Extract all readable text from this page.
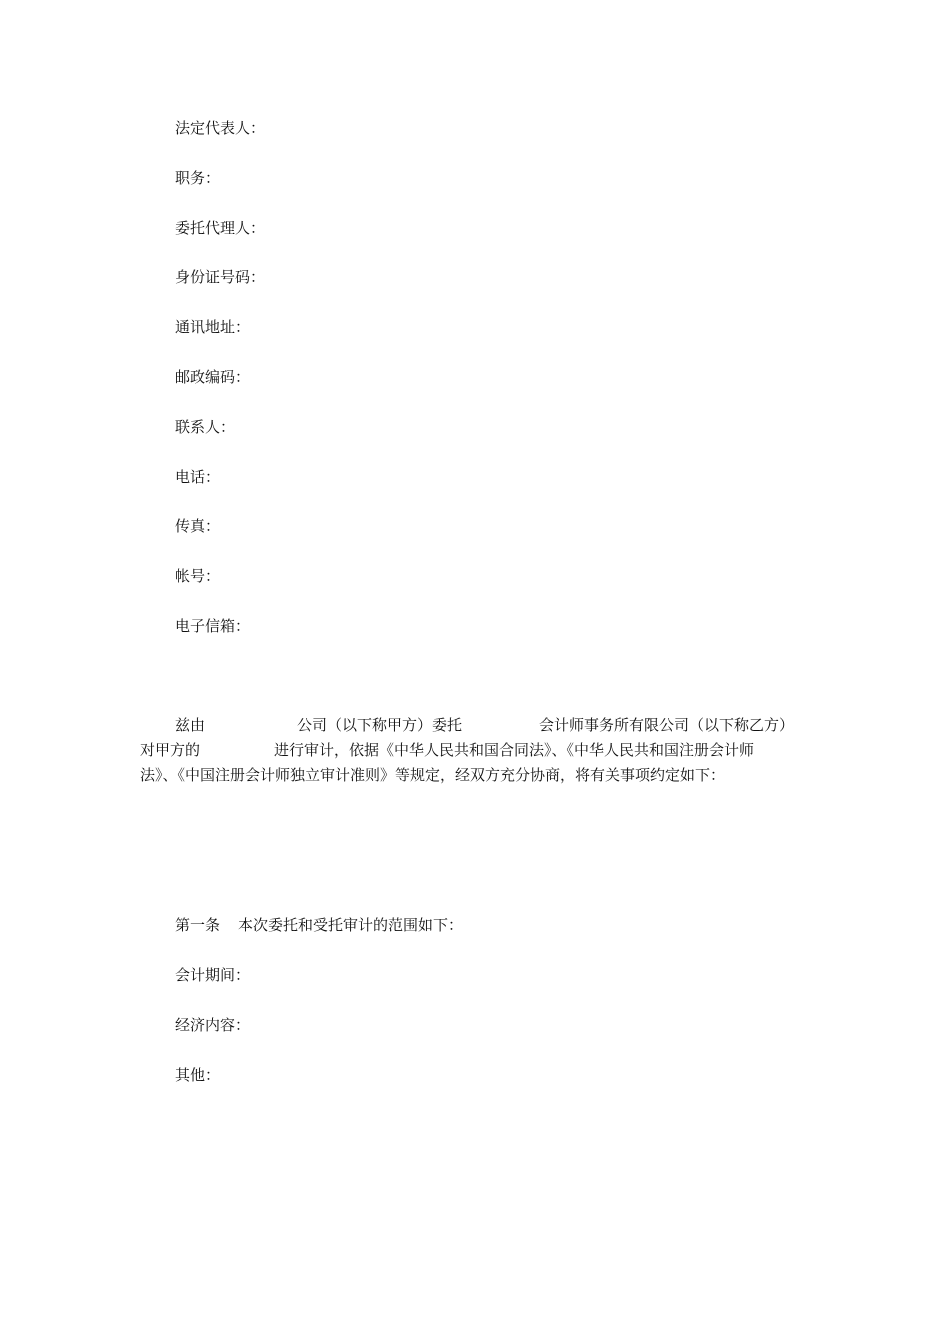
法定代表人：
职务：
委托代理人：
身份证号码：
通讯地址：
邮政编码：
联系人：
电话：
传真：
帐号：
电子信箱：
兹由	公司（以下称甲方）委托	会计师事务所有限公司（以下称乙方）
对甲方的	进行审计，依据《中华人民共和国合同法》、《中华人民共和国注册会计师
法》、《中国注册会计师独立审计准则》等规定，经双方充分协商，将有关事项约定如下：
第一条 本次委托和受托审计的范围如下：
会计期间：
经济内容：
其他：
